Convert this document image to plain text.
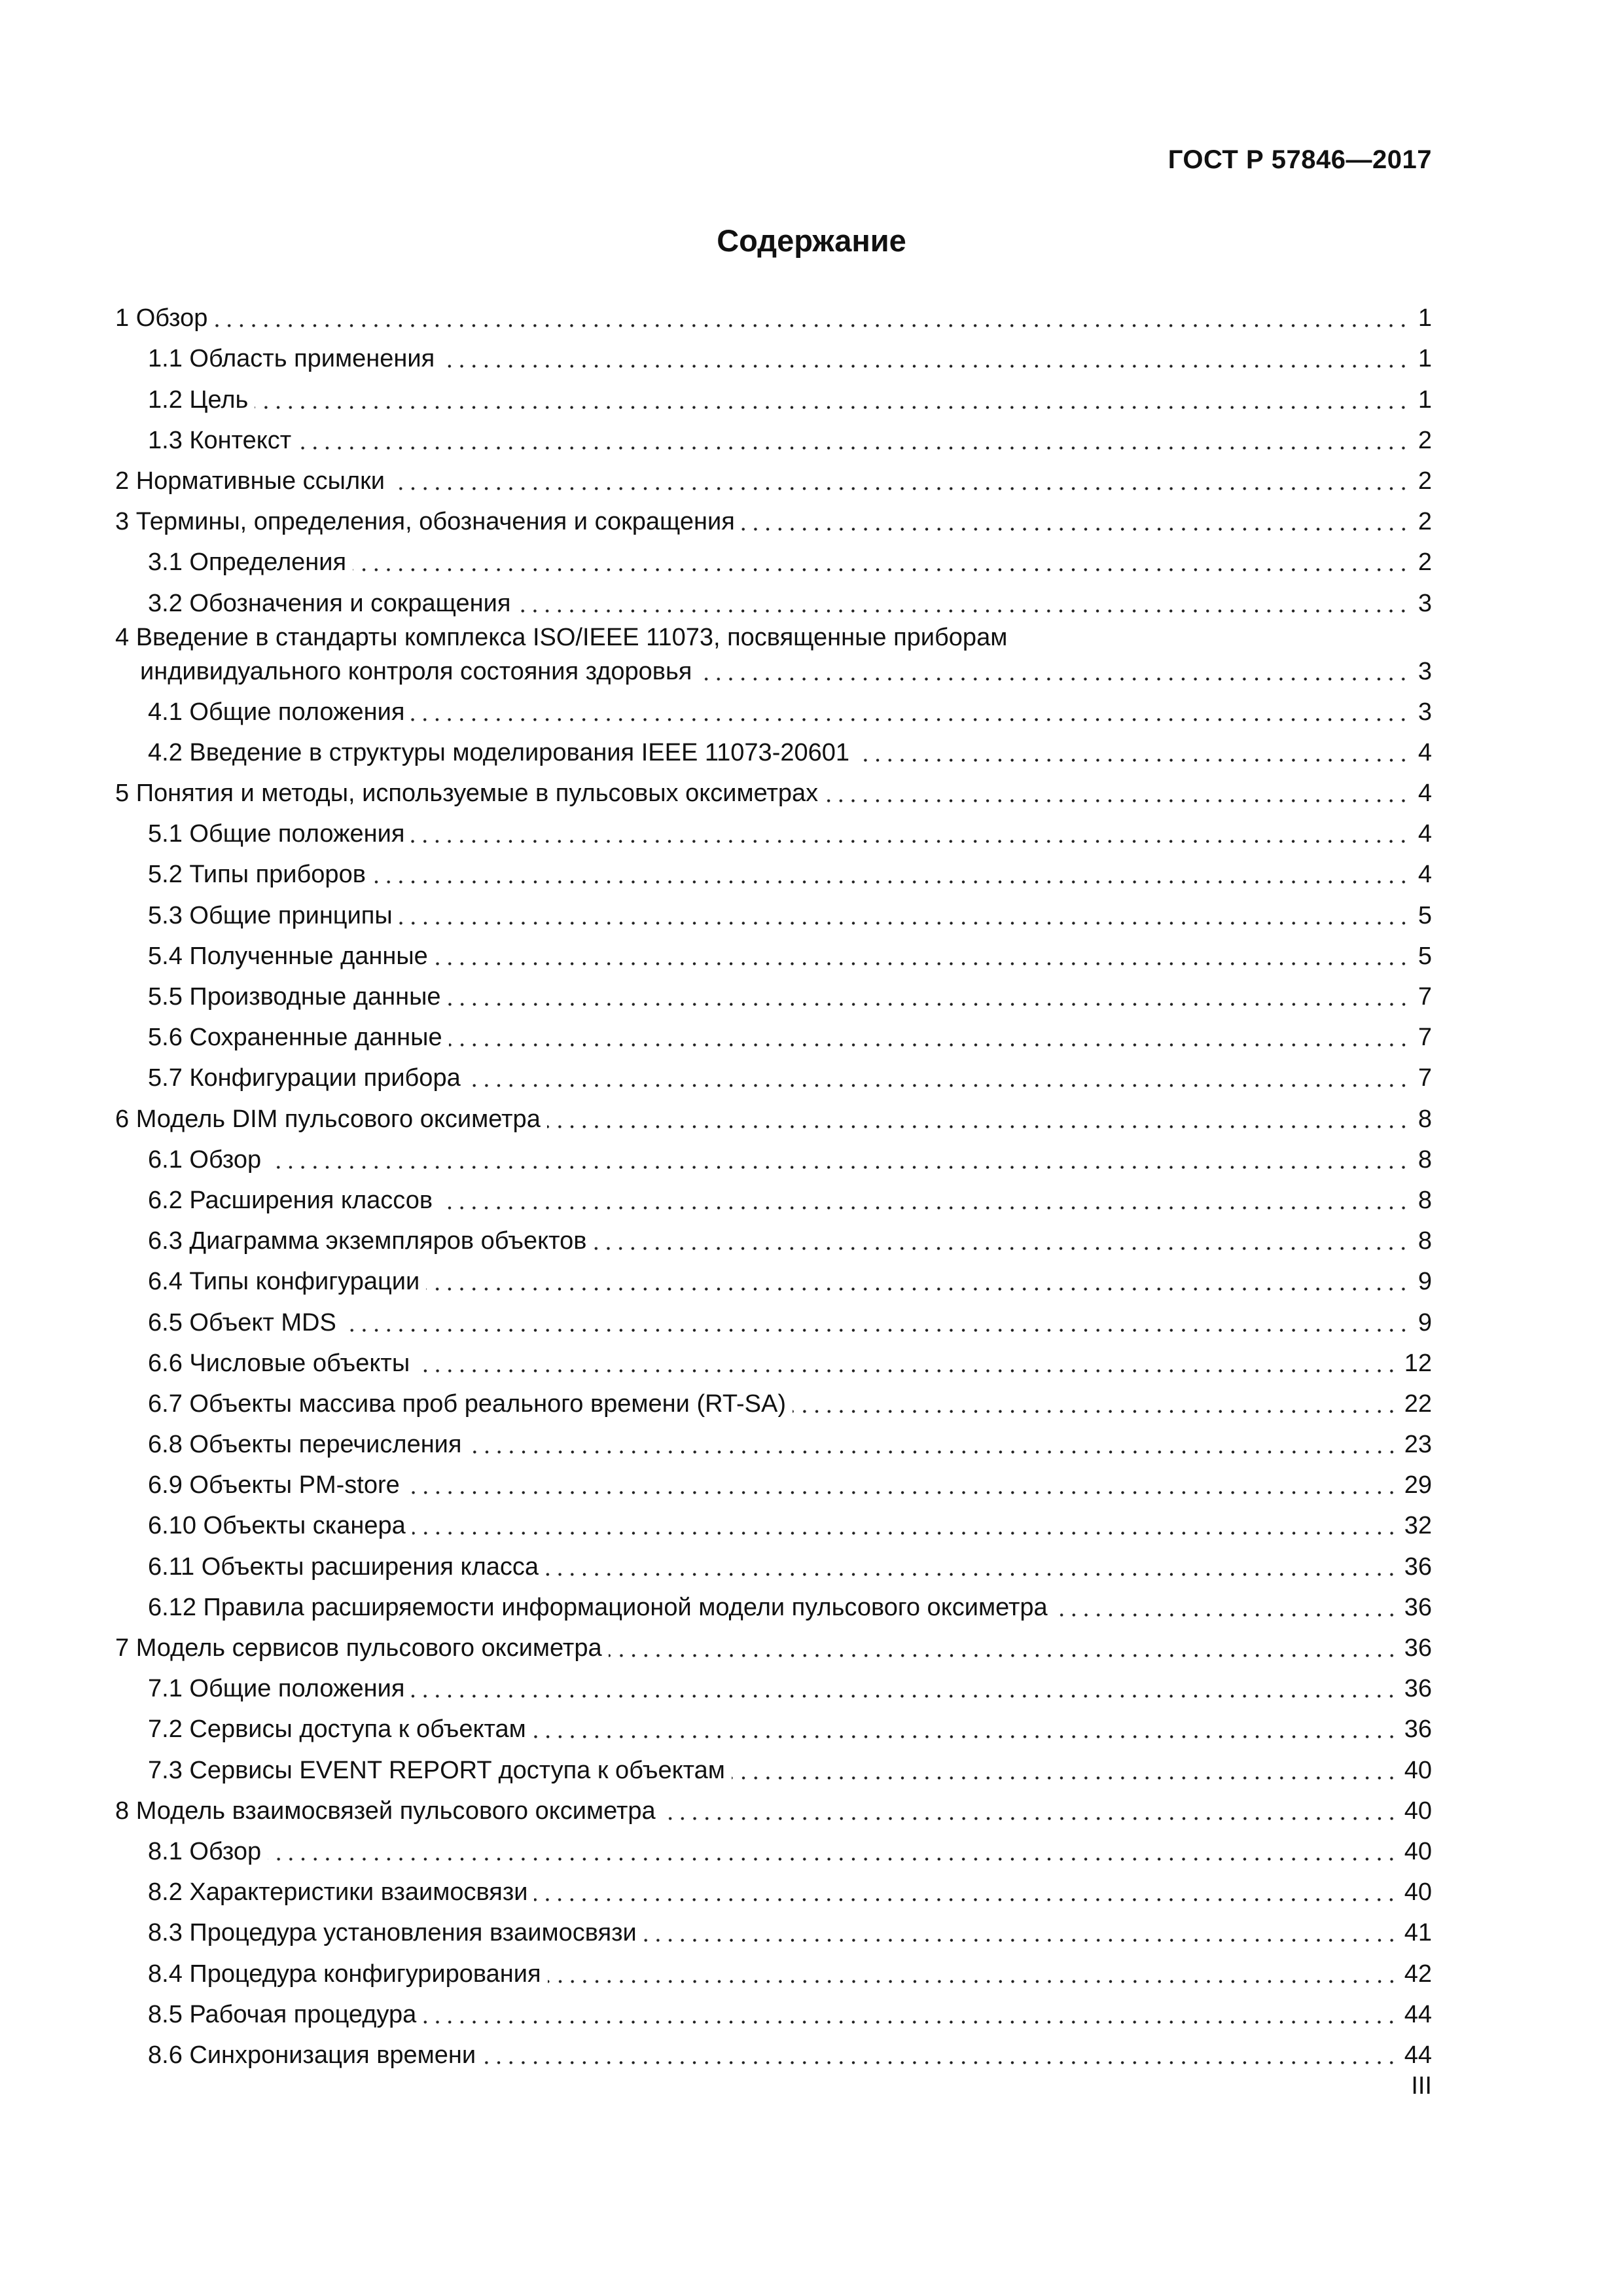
ГОСТ Р 57846—2017
Содержание
1 Обзор	1
1.1 Область применения	1
1.2 Цель	1
1.3 Контекст	2
2 Нормативные ссылки	2
3 Термины, определения, обозначения и сокращения	2
3.1 Определения	2
3.2 Обозначения и сокращения	3
4 Введение в стандарты комплекса ISO/IEEE 11073, посвященные приборам
индивидуального контроля состояния здоровья	3
4.1 Общие положения	3
4.2 Введение в структуры моделирования IEEE 11073-20601	4
5 Понятия и методы, используемые в пульсовых оксиметрах	4
5.1 Общие положения	4
5.2 Типы приборов	4
5.3 Общие принципы	5
5.4 Полученные данные	5
5.5 Производные данные	7
5.6 Сохраненные данные	7
5.7 Конфигурации прибора	7
6 Модель DIM пульсового оксиметра	8
6.1 Обзор	8
6.2 Расширения классов	8
6.3 Диаграмма экземпляров объектов	8
6.4 Типы конфигурации	9
6.5 Объект MDS	9
6.6 Числовые объекты	12
6.7 Объекты массива проб реального времени (RT-SA)	22
6.8 Объекты перечисления	23
6.9 Объекты PM-store	29
6.10 Объекты сканера	32
6.11 Объекты расширения класса	36
6.12 Правила расширяемости информационой модели пульсового оксиметра	36
7 Модель сервисов пульсового оксиметра	36
7.1 Общие положения	36
7.2 Сервисы доступа к объектам	36
7.3 Сервисы EVENT REPORT доступа к объектам	40
8 Модель взаимосвязей пульсового оксиметра	40
8.1 Обзор	40
8.2 Характеристики взаимосвязи	40
8.3 Процедура установления взаимосвязи	41
8.4 Процедура конфигурирования	42
8.5 Рабочая процедура	44
8.6 Синхронизация времени	44
III
